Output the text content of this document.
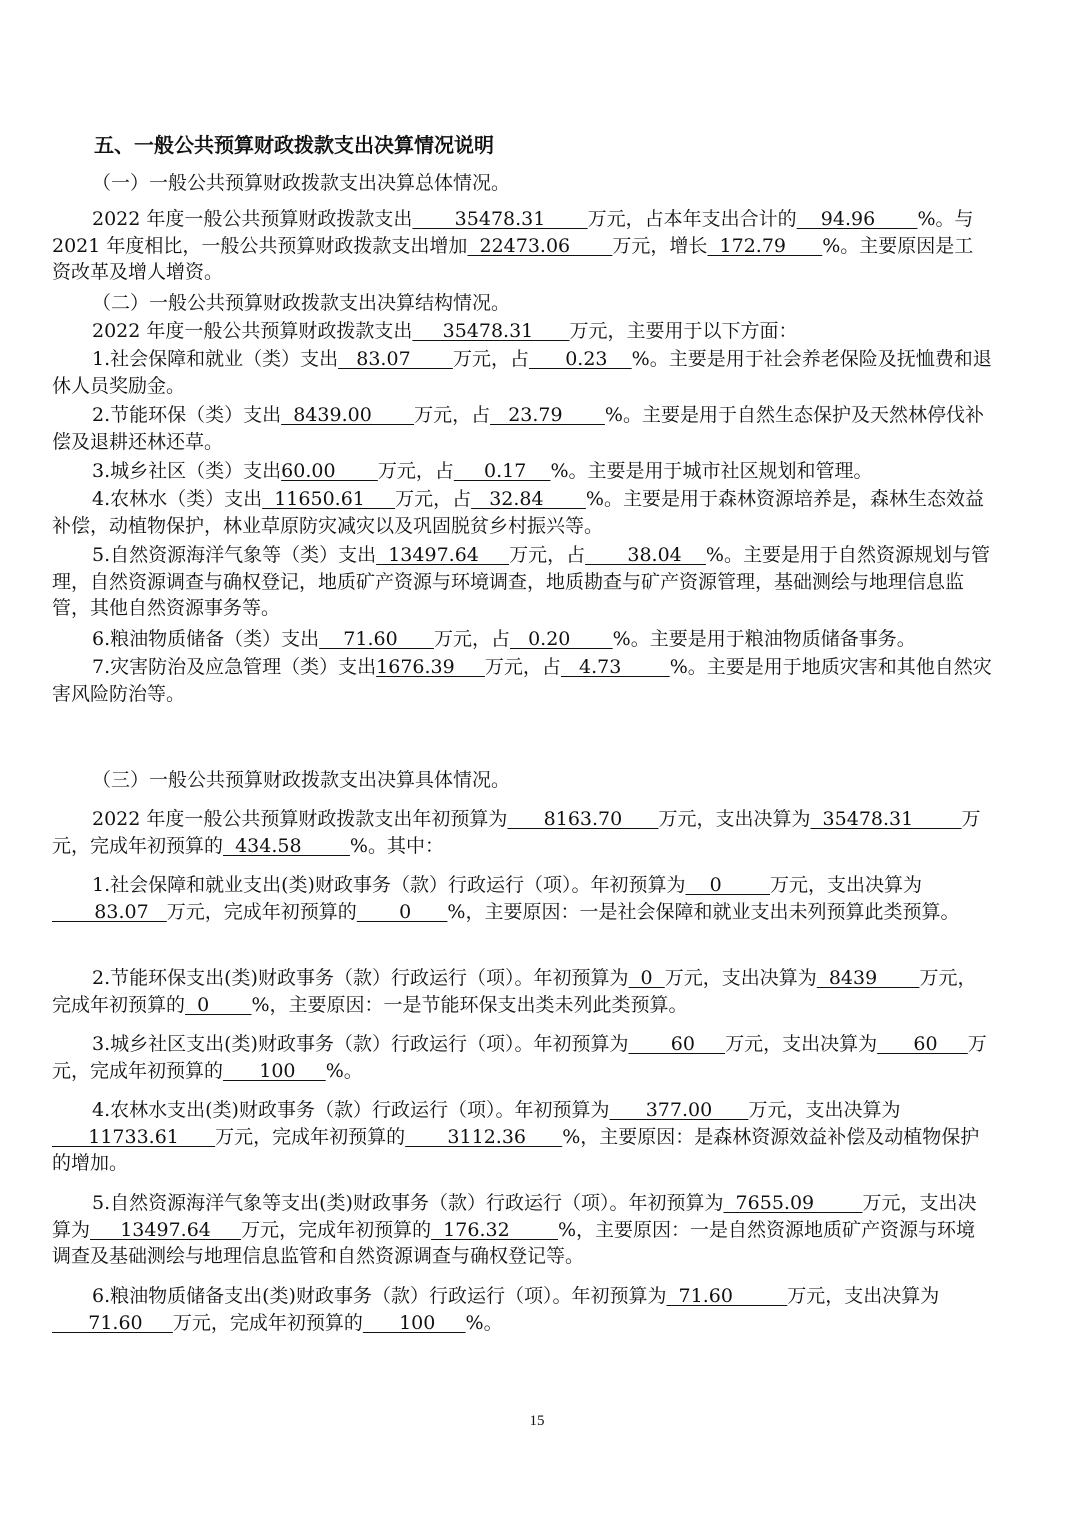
五、一般公共预算财政拨款支出决算情况说明

（一）一般公共预算财政拨款支出决算总体情况。

2022 年度一般公共预算财政拨款支出       35478.31       万元，占本年支出合计的    94.96       %。与 2021 年度相比，一般公共预算财政拨款支出增加  22473.06       万元，增长  172.79      %。主要原因是工资改革及增人增资。

（二）一般公共预算财政拨款支出决算结构情况。

2022 年度一般公共预算财政拨款支出     35478.31      万元，主要用于以下方面：

1.社会保障和就业（类）支出   83.07       万元，占      0.23    %。主要是用于社会养老保险及抚恤费和退休人员奖励金。

2.节能环保（类）支出  8439.00       万元，占   23.79       %。主要是用于自然生态保护及天然林停伐补偿及退耕还林还草。

3.城乡社区（类）支出60.00       万元，占     0.17    %。主要是用于城市社区规划和管理。

4.农林水（类）支出  11650.61     万元，占   32.84       %。主要是用于森林资源培养是，森林生态效益补偿，动植物保护，林业草原防灾减灾以及巩固脱贫乡村振兴等。

5.自然资源海洋气象等（类）支出  13497.64     万元，占       38.04    %。主要是用于自然资源规划与管理，自然资源调查与确权登记，地质矿产资源与环境调查，地质勘查与矿产资源管理，基础测绘与地理信息监管，其他自然资源事务等。

6.粮油物质储备（类）支出    71.60      万元，占   0.20       %。主要是用于粮油物质储备事务。

7.灾害防治及应急管理（类）支出1676.39     万元，占   4.73        %。主要是用于地质灾害和其他自然灾害风险防治等。

（三）一般公共预算财政拨款支出决算具体情况。

2022 年度一般公共预算财政拨款支出年初预算为      8163.70      万元，支出决算为  35478.31        万元，完成年初预算的  434.58        %。其中：

1.社会保障和就业支出(类)财政事务（款）行政运行（项）。年初预算为    0        万元，支出决算为       83.07   万元，完成年初预算的       0      %，主要原因：一是社会保障和就业支出未列预算此类预算。

2.节能环保支出(类)财政事务（款）行政运行（项）。年初预算为  0  万元，支出决算为  8439       万元，完成年初预算的  0       %，主要原因：一是节能环保支出类未列此类预算。

3.城乡社区支出(类)财政事务（款）行政运行（项）。年初预算为       60     万元，支出决算为      60     万元，完成年初预算的      100     %。

4.农林水支出(类)财政事务（款）行政运行（项）。年初预算为      377.00      万元，支出决算为      11733.61      万元，完成年初预算的       3112.36      %，主要原因：是森林资源效益补偿及动植物保护的增加。

5.自然资源海洋气象等支出(类)财政事务（款）行政运行（项）。年初预算为  7655.09        万元，支出决算为     13497.64     万元，完成年初预算的  176.32        %，主要原因：一是自然资源地质矿产资源与环境调查及基础测绘与地理信息监管和自然资源调查与确权登记等。

6.粮油物质储备支出(类)财政事务（款）行政运行（项）。年初预算为  71.60         万元，支出决算为      71.60     万元，完成年初预算的      100     %。

15
